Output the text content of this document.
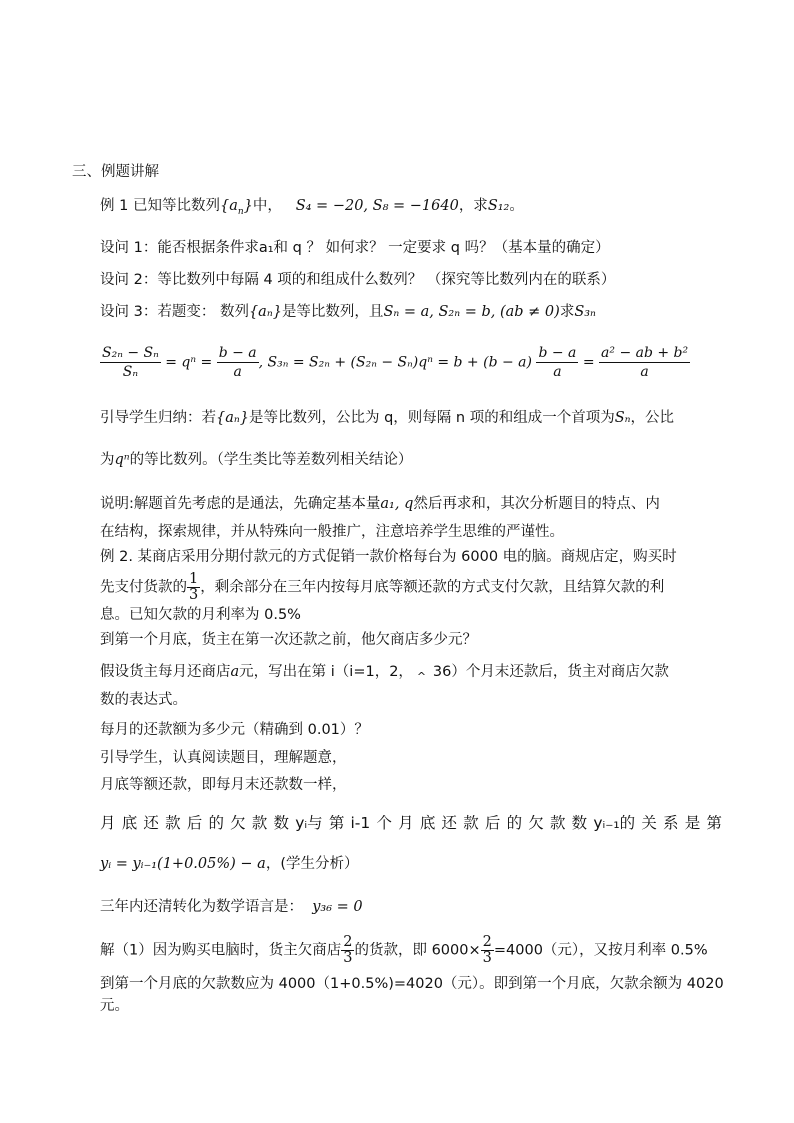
三、例题讲解
例 1 已知等比数列$\{a_n\}$中， S₄ = −20, S₈ = −1640，求S₁₂。
设问 1：能否根据条件求a₁和 q ？ 如何求？ 一定要求 q 吗？（基本量的确定）
设问 2：等比数列中每隔 4 项的和组成什么数列？ （探究等比数列内在的联系）
设问 3：若题变： 数列{aₙ}是等比数列，且Sₙ = a, S₂ₙ = b, (ab ≠ 0)求S₃ₙ
$\frac{\text{S₂ₙ − Sₙ}}{\text{Sₙ}} = q^n = \frac{b - a}{a}$ , $S_{3n} = S_{2n} + (S_{2n} - S_n)q^n = b + (b - a) \frac{b - a}{a} = \frac{\text{a² − ab + b²}}{a}$
引导学生归纳：若{aₙ}是等比数列，公比为 q，则每隔 n 项的和组成一个首项为Sₙ，公比
为qⁿ的等比数列。（学生类比等差数列相关结论）
说明:解题首先考虑的是通法，先确定基本量a₁, q然后再求和，其次分析题目的特点、内
在结构，探索规律，并从特殊向一般推广，注意培养学生思维的严谨性。
例 2. 某商店采用分期付款元的方式促销一款价格每台为 6000 电的脑。商规店定，购买时
先支付货款的 $\frac{1}{3}$ ，剩余部分在三年内按每月底等额还款的方式支付欠款，且结算欠款的利
息。已知欠款的月利率为 0.5%
到第一个月底，货主在第一次还款之前，他欠商店多少元？
假设货主每月还商店a元，写出在第 i（i=1，2， ^ 36）个月末还款后，货主对商店欠款
数的表达式。
每月的还款额为多少元（精确到 0.01）？
引导学生，认真阅读题目，理解题意，
月底等额还款，即每月末还款数一样，
月 底 还 款 后 的 欠 款 数 yᵢ与 第 i-1 个 月 底 还 款 后 的 欠 款 数 yᵢ₋₁的 关 系 是 第
yᵢ = yᵢ₋₁(1+0.05%) − a，(学生分析）
三年内还清转化为数学语言是： y₃₆ = 0
解（1）因为购买电脑时，货主欠商店 $\frac{2}{3}$ 的货款，即 $6000\times \frac{2}{3} =4000$（元），又按月利率 0.5%
到第一个月底的欠款数应为 4000（1+0.5%)=4020（元）。即到第一个月底，欠款余额为 4020
元。
